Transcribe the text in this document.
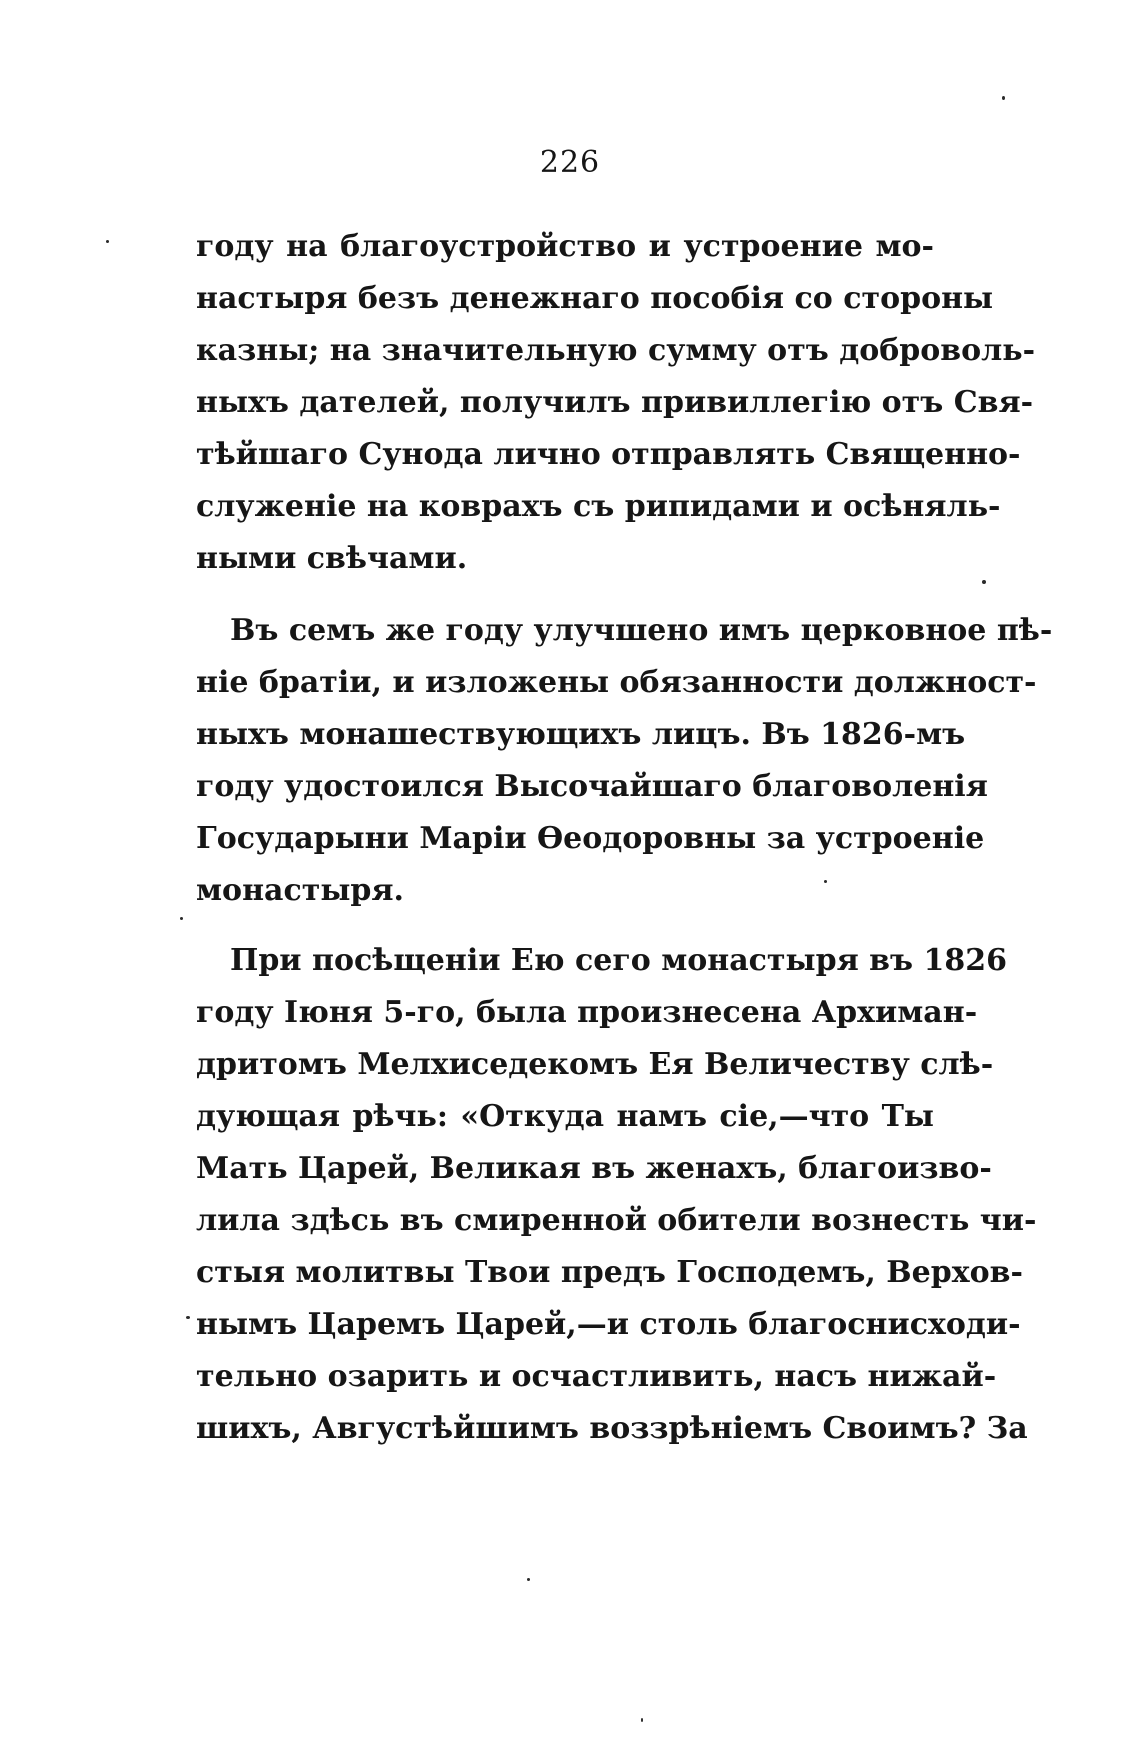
226
году на благоустройство и устроение мо-
настыря безъ денежнаго пособія со стороны
казны; на значительную сумму отъ доброволь-
ныхъ дателей, получилъ привиллегію отъ Свя-
тѣйшаго Сунода лично отправлять Священно-
служеніе на коврахъ съ рипидами и осѣняль-
ными свѣчами.
Въ семъ же году улучшено имъ церковное пѣ-
ніе братіи, и изложены обязанности должност-
ныхъ монашествующихъ лицъ. Въ 1826-мъ
году удостоился Высочайшаго благоволенія
Государыни Маріи Ѳеодоровны за устроеніе
монастыря.
При посѣщеніи Ею сего монастыря въ 1826
году Іюня 5-го, была произнесена Архиман-
дритомъ Мелхиседекомъ Ея Величеству слѣ-
дующая рѣчь: «Откуда намъ сіе,—что Ты
Мать Царей, Великая въ женахъ, благоизво-
лила здѣсь въ смиренной обители вознесть чи-
стыя молитвы Твои предъ Господемъ, Верхов-
нымъ Царемъ Царей,—и столь благоснисходи-
тельно озарить и осчастливить, насъ нижай-
шихъ, Августѣйшимъ воззрѣніемъ Своимъ? За
